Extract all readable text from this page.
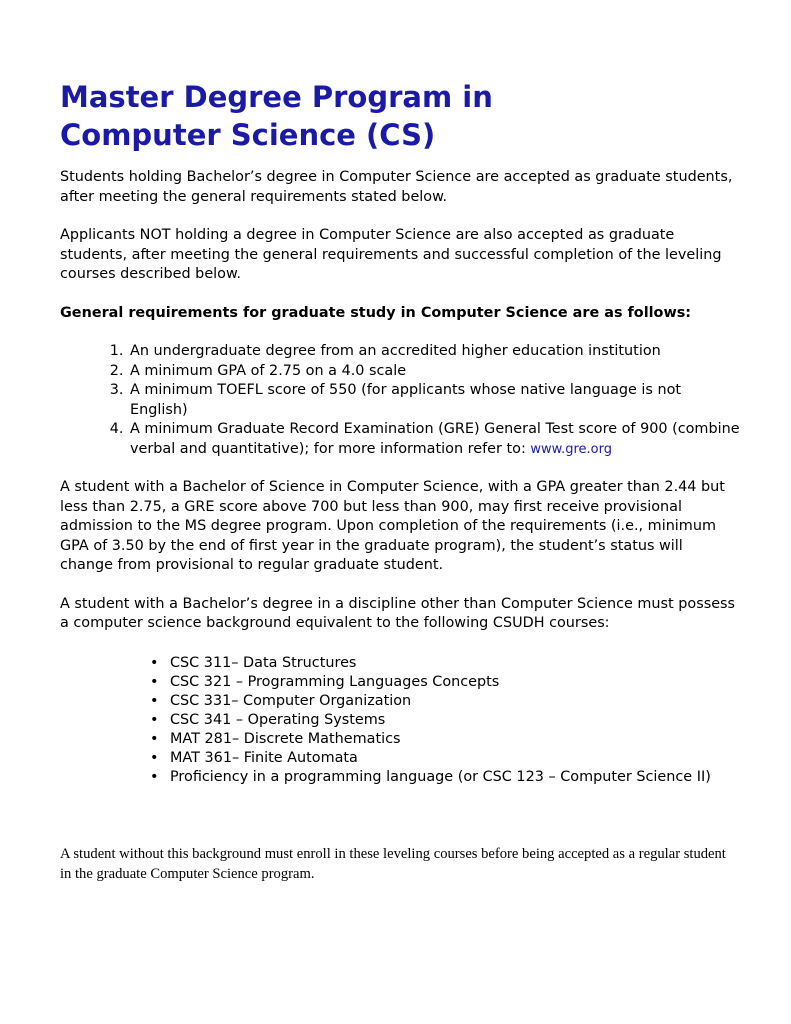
Master Degree Program in
Computer Science (CS)

Students holding Bachelor’s degree in Computer Science are accepted as graduate students, after meeting the general requirements stated below.

Applicants NOT holding a degree in Computer Science are also accepted as graduate students, after meeting the general requirements and successful completion of the leveling courses described below.

General requirements for graduate study in Computer Science are as follows:

1. An undergraduate degree from an accredited higher education institution
2. A minimum GPA of 2.75 on a 4.0 scale
3. A minimum TOEFL score of 550 (for applicants whose native language is not English)
4. A minimum Graduate Record Examination (GRE) General Test score of 900 (combine verbal and quantitative); for more information refer to: www.gre.org

A student with a Bachelor of Science in Computer Science, with a GPA greater than 2.44 but less than 2.75, a GRE score above 700 but less than 900, may first receive provisional admission to the MS degree program. Upon completion of the requirements (i.e., minimum GPA of 3.50 by the end of first year in the graduate program), the student’s status will change from provisional to regular graduate student.

A student with a Bachelor’s degree in a discipline other than Computer Science must possess a computer science background equivalent to the following CSUDH courses:

• CSC 311– Data Structures
• CSC 321 – Programming Languages Concepts
• CSC 331– Computer Organization
• CSC 341 – Operating Systems
• MAT 281– Discrete Mathematics
• MAT 361– Finite Automata
• Proficiency in a programming language (or CSC 123 – Computer Science II)

A student without this background must enroll in these leveling courses before being accepted as a regular student in the graduate Computer Science program.
